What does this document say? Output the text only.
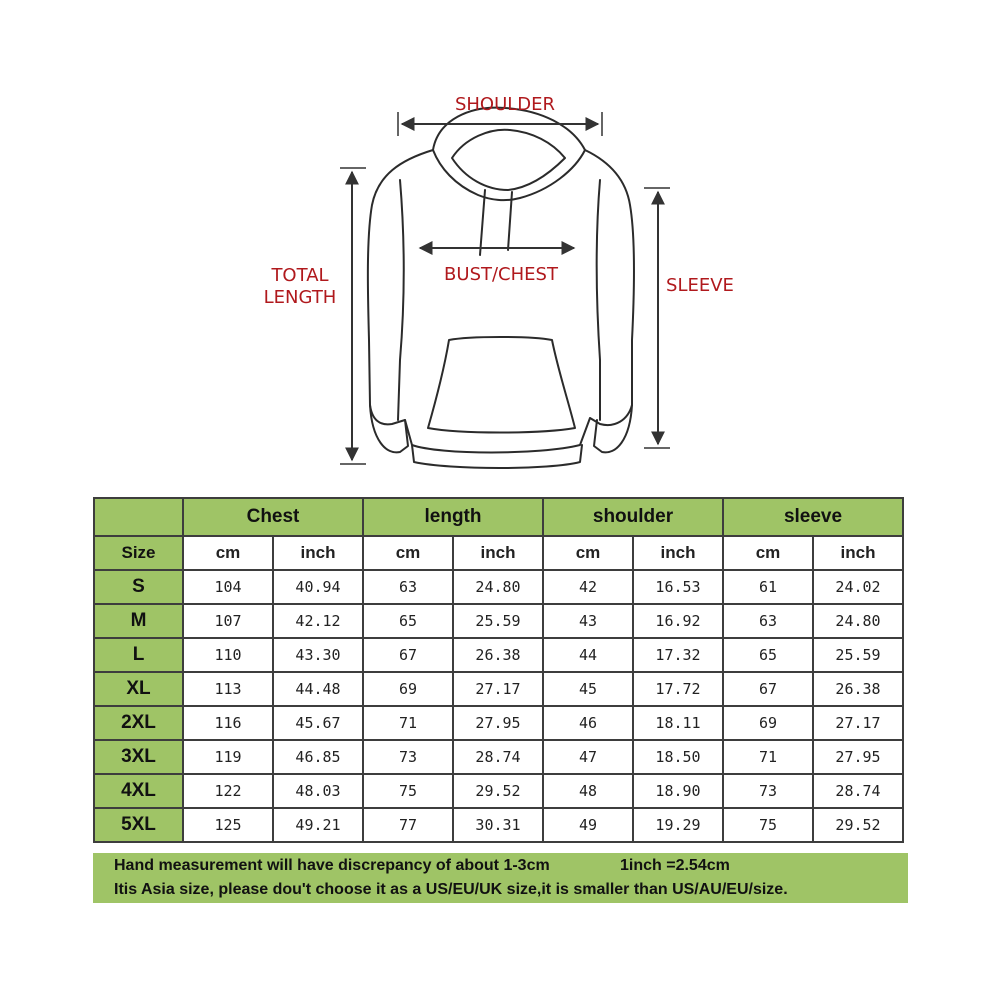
SHOULDER
BUST/CHEST
TOTAL
LENGTH
SLEEVE
	Chest		length		shoulder		sleeve	
Size	cm	inch	cm	inch	cm	inch	cm	inch
S	104	40.94	63	24.80	42	16.53	61	24.02
M	107	42.12	65	25.59	43	16.92	63	24.80
L	110	43.30	67	26.38	44	17.32	65	25.59
XL	113	44.48	69	27.17	45	17.72	67	26.38
2XL	116	45.67	71	27.95	46	18.11	69	27.17
3XL	119	46.85	73	28.74	47	18.50	71	27.95
4XL	122	48.03	75	29.52	48	18.90	73	28.74
5XL	125	49.21	77	30.31	49	19.29	75	29.52
Hand measurement will have discrepancy of about 1-3cm	1inch =2.54cm
Itis Asia size, please dou't choose it as a US/EU/UK size,it is smaller than US/AU/EU/size.
